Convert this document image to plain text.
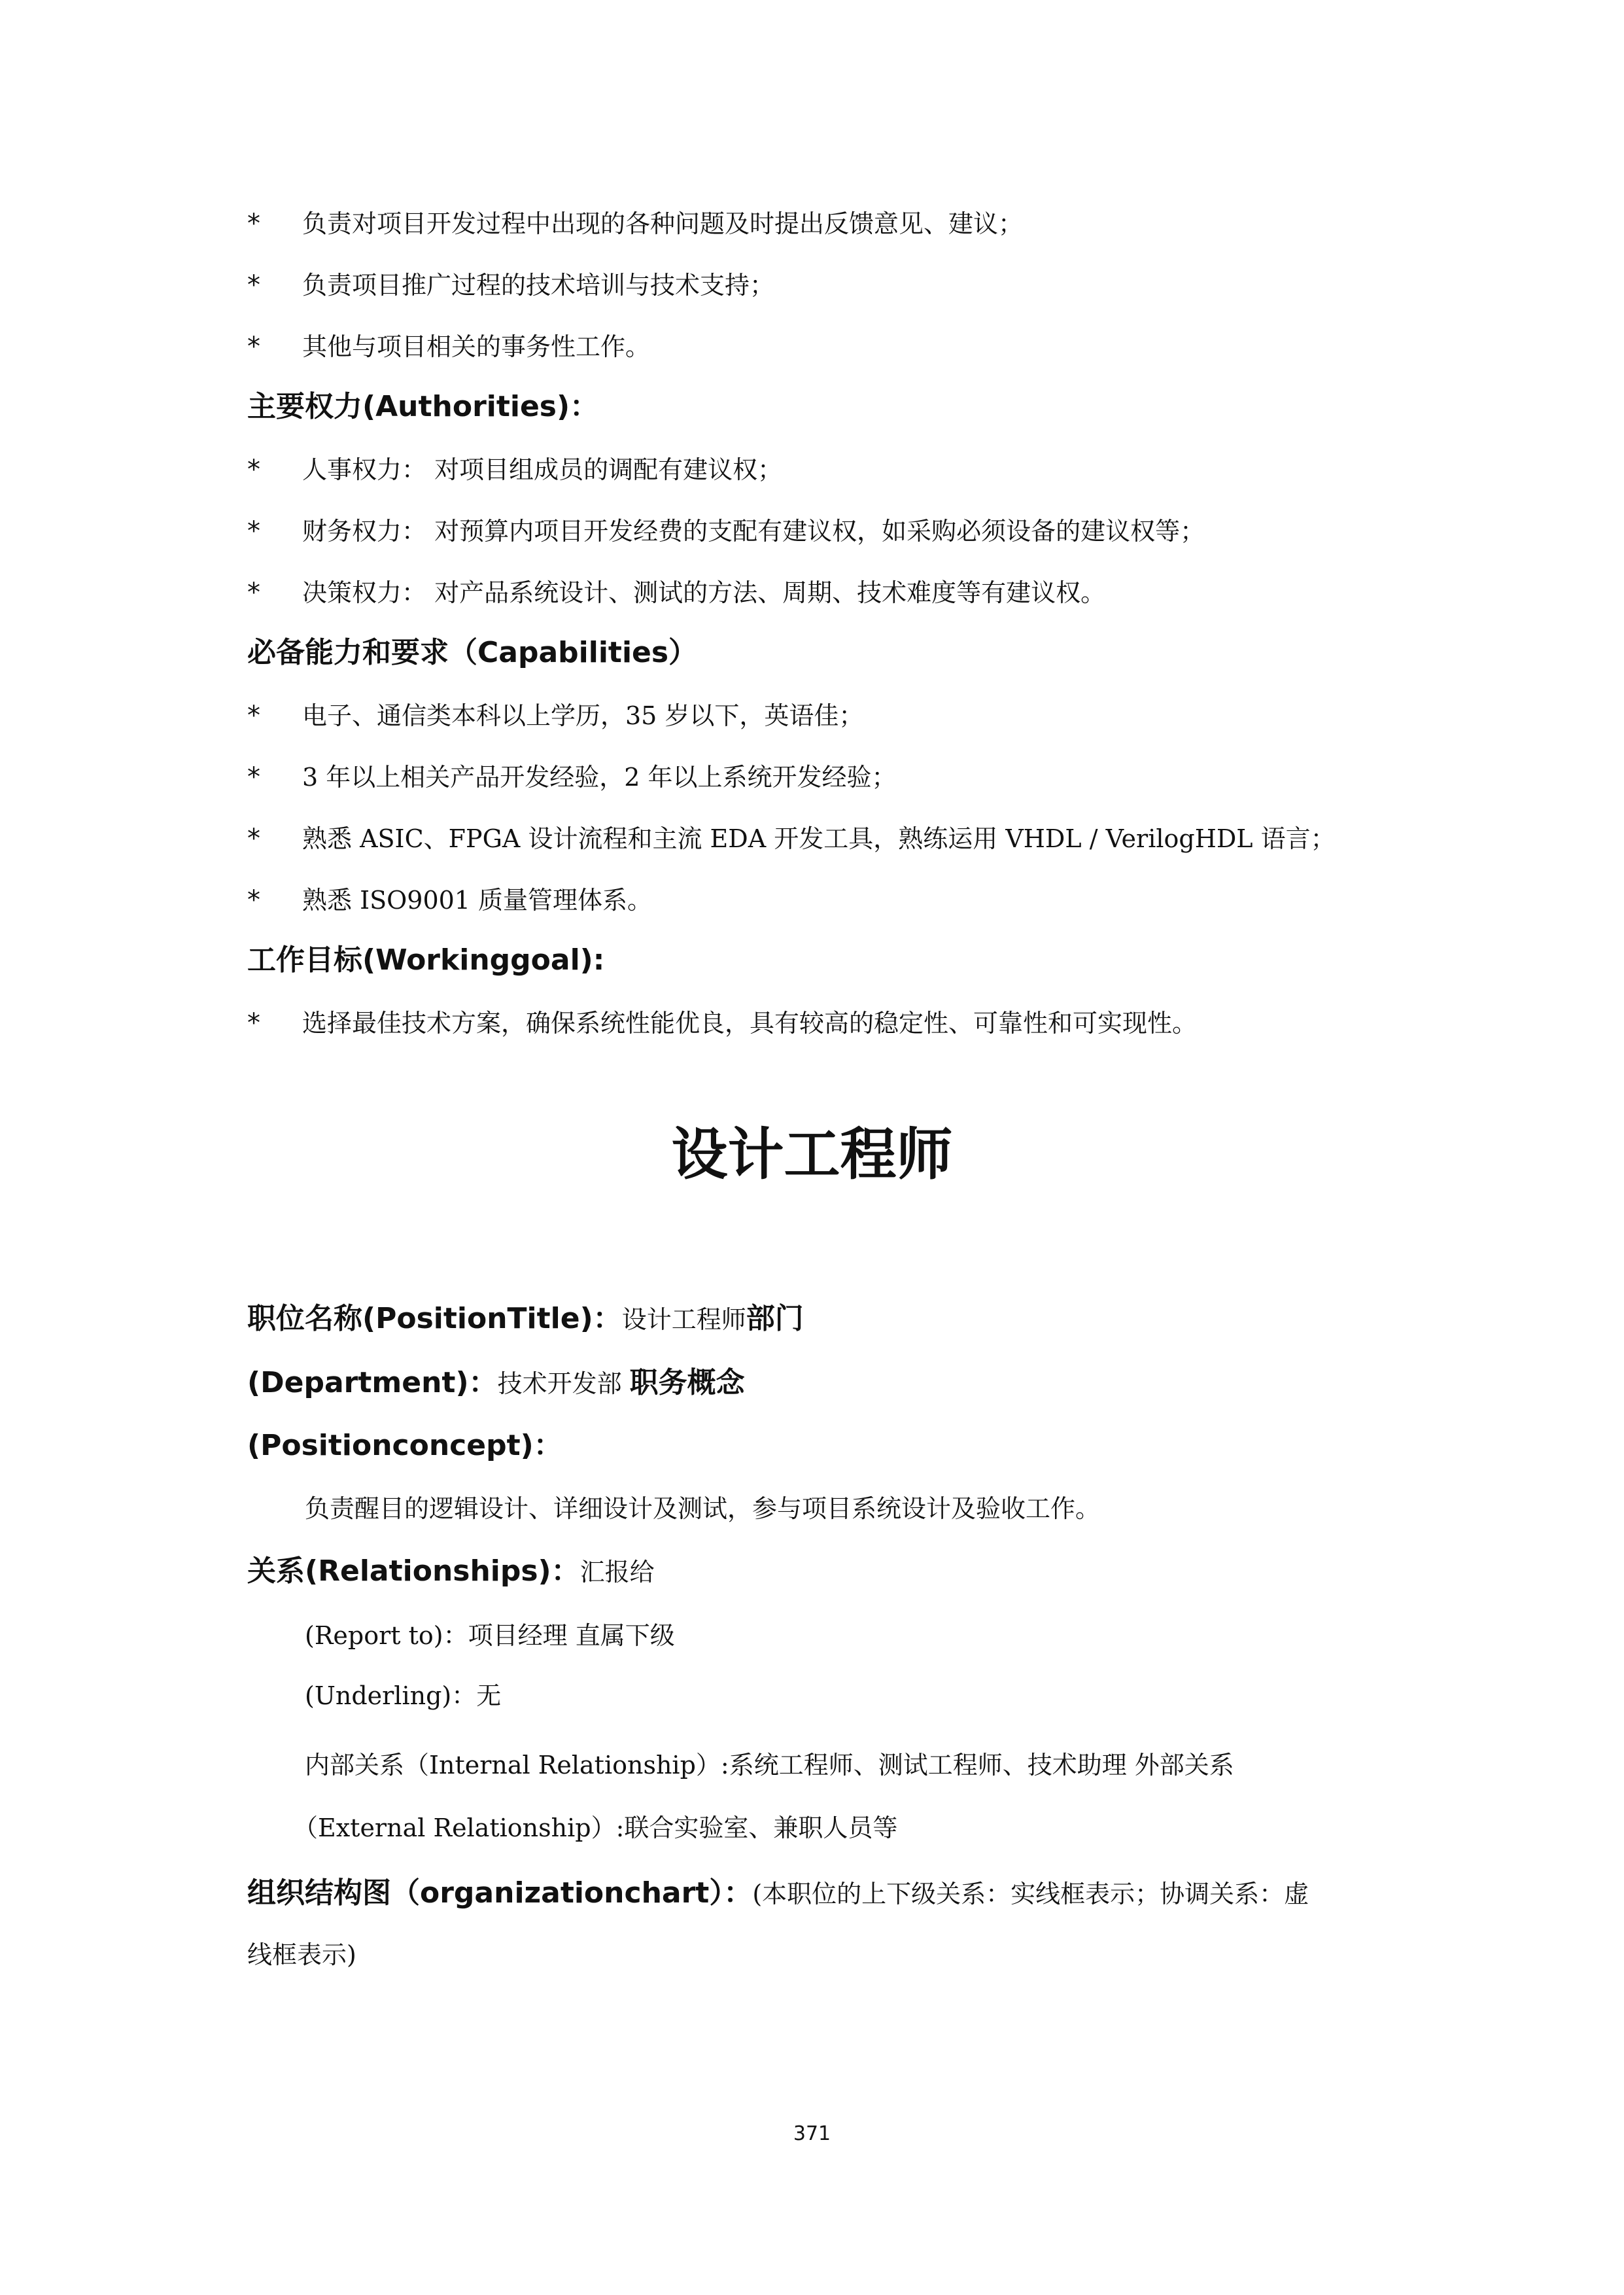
* 负责对项目开发过程中出现的各种问题及时提出反馈意见、建议；
* 负责项目推广过程的技术培训与技术支持；
* 其他与项目相关的事务性工作。
主要权力(Authorities)：
* 人事权力： 对项目组成员的调配有建议权；
* 财务权力： 对预算内项目开发经费的支配有建议权，如采购必须设备的建议权等；
* 决策权力： 对产品系统设计、测试的方法、周期、技术难度等有建议权。
必备能力和要求（Capabilities）
* 电子、通信类本科以上学历，35 岁以下，英语佳；
* 3 年以上相关产品开发经验，2 年以上系统开发经验；
* 熟悉 ASIC、FPGA 设计流程和主流 EDA 开发工具，熟练运用 VHDL / VerilogHDL 语言；
* 熟悉 ISO9001 质量管理体系。
工作目标(Workinggoal):
* 选择最佳技术方案，确保系统性能优良，具有较高的稳定性、可靠性和可实现性。
设计工程师
职位名称(PositionTitle)：设计工程师部门
(Department)：技术开发部 职务概念
(Positionconcept)：
负责醒目的逻辑设计、详细设计及测试，参与项目系统设计及验收工作。
关系(Relationships)：汇报给
(Report to)：项目经理 直属下级
(Underling)：无
内部关系（Internal Relationship）:系统工程师、测试工程师、技术助理 外部关系
（External Relationship）:联合实验室、兼职人员等
组织结构图（organizationchart）：(本职位的上下级关系：实线框表示；协调关系：虚
线框表示)
371
